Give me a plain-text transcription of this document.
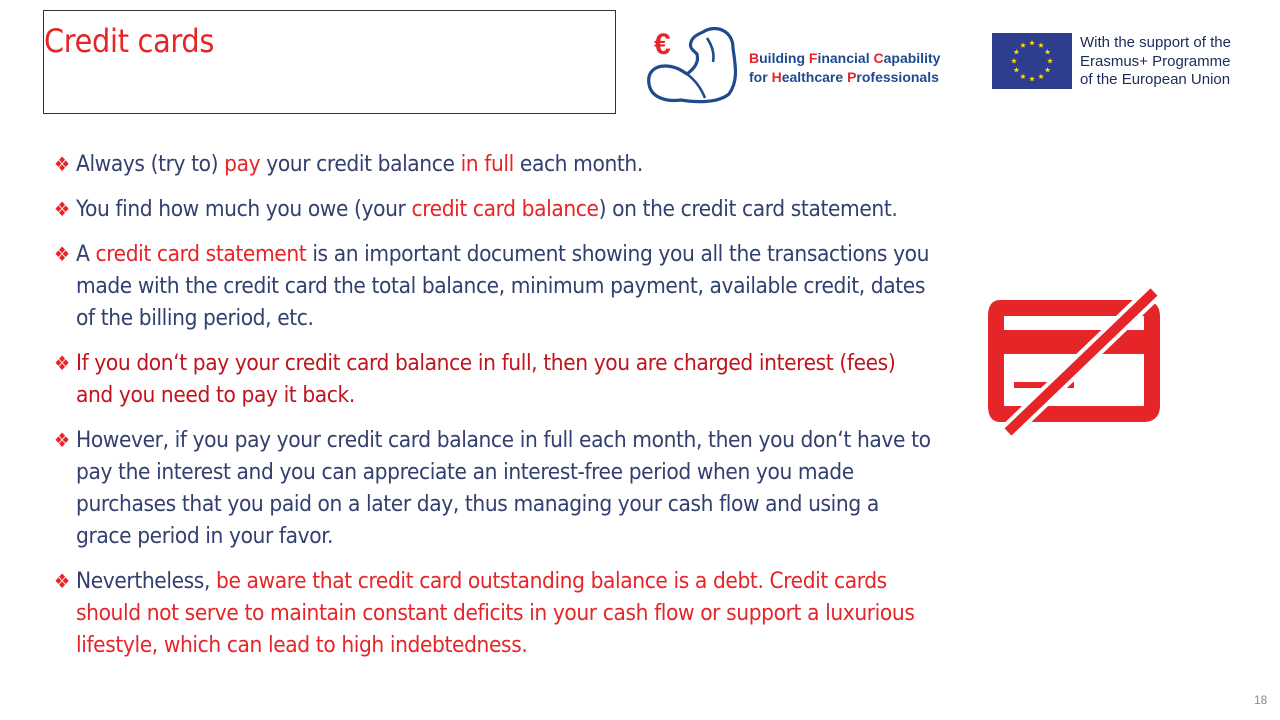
Credit cards	€	Building Financial Capability
for Healthcare Professionals
With the support of the
Erasmus+ Programme
of the European Union
❖ Always (try to) pay your credit balance in full each month.
❖ You find how much you owe (your credit card balance) on the credit card statement.
❖ A credit card statement is an important document showing you all the transactions you made with the credit card the total balance, minimum payment, available credit, dates of the billing period, etc.
❖ If you don‘t pay your credit card balance in full, then you are charged interest (fees) and you need to pay it back.
❖ However, if you pay your credit card balance in full each month, then you don‘t have to pay the interest and you can appreciate an interest-free period when you made purchases that you paid on a later day, thus managing your cash flow and using a grace period in your favor.
❖ Nevertheless, be aware that credit card outstanding balance is a debt. Credit cards should not serve to maintain constant deficits in your cash flow or support a luxurious lifestyle, which can lead to high indebtedness.
18
